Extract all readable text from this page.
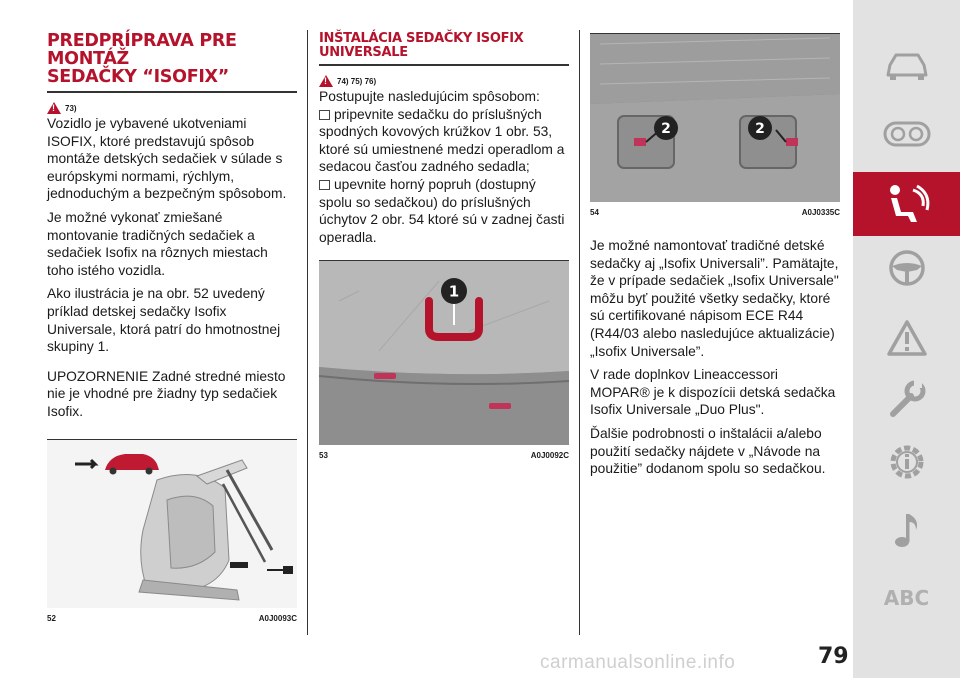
PREDPRÍPRAVA PRE MONTÁŽ
SEDAČKY “ISOFIX”
!
73)

Vozidlo je vybavené ukotveniami ISOFIX, ktoré predstavujú spôsob montáže detských sedačiek v súlade s európskymi normami, rýchlym, jednoduchým a bezpečným spôsobom.

Je možné vykonať zmiešané montovanie tradičných sedačiek a sedačiek Isofix na rôznych miestach toho istého vozidla.

Ako ilustrácia je na obr. 52 uvedený príklad detskej sedačky Isofix Universale, ktorá patrí do hmotnostnej skupiny 1.

UPOZORNENIE Zadné stredné miesto nie je vhodné pre žiadny typ sedačiek Isofix.

52	A0J0093C
INŠTALÁCIA SEDAČKY ISOFIX
UNIVERSALE
!
74) 75) 76)

Postupujte nasledujúcim spôsobom:

pripevnite sedačku do príslušných spodných kovových krúžkov 1 obr. 53, ktoré sú umiestnené medzi operadlom a sedacou časťou zadného sedadla;

upevnite horný popruh (dostupný spolu so sedačkou) do príslušných úchytov 2 obr. 54 ktoré sú v zadnej časti operadla.

1
53	A0J0092C
2	2
54	A0J0335C

Je možné namontovať tradičné detské sedačky aj „Isofix Universali”. Pamätajte, že v prípade sedačiek „Isofix Universale" môžu byť použité všetky sedačky, ktoré sú certifikované nápisom ECE R44 (R44/03 alebo nasledujúce aktualizácie) „Isofix Universale”.

V rade doplnkov Lineaccessori MOPAR® je k dispozícii detská sedačka Isofix Universale „Duo Plus".

Ďalšie podrobnosti o inštalácii a/alebo použití sedačky nájdete v „Návode na použitie” dodanom spolu so sedačkou.

ABC
carmanualsonline.info	79
